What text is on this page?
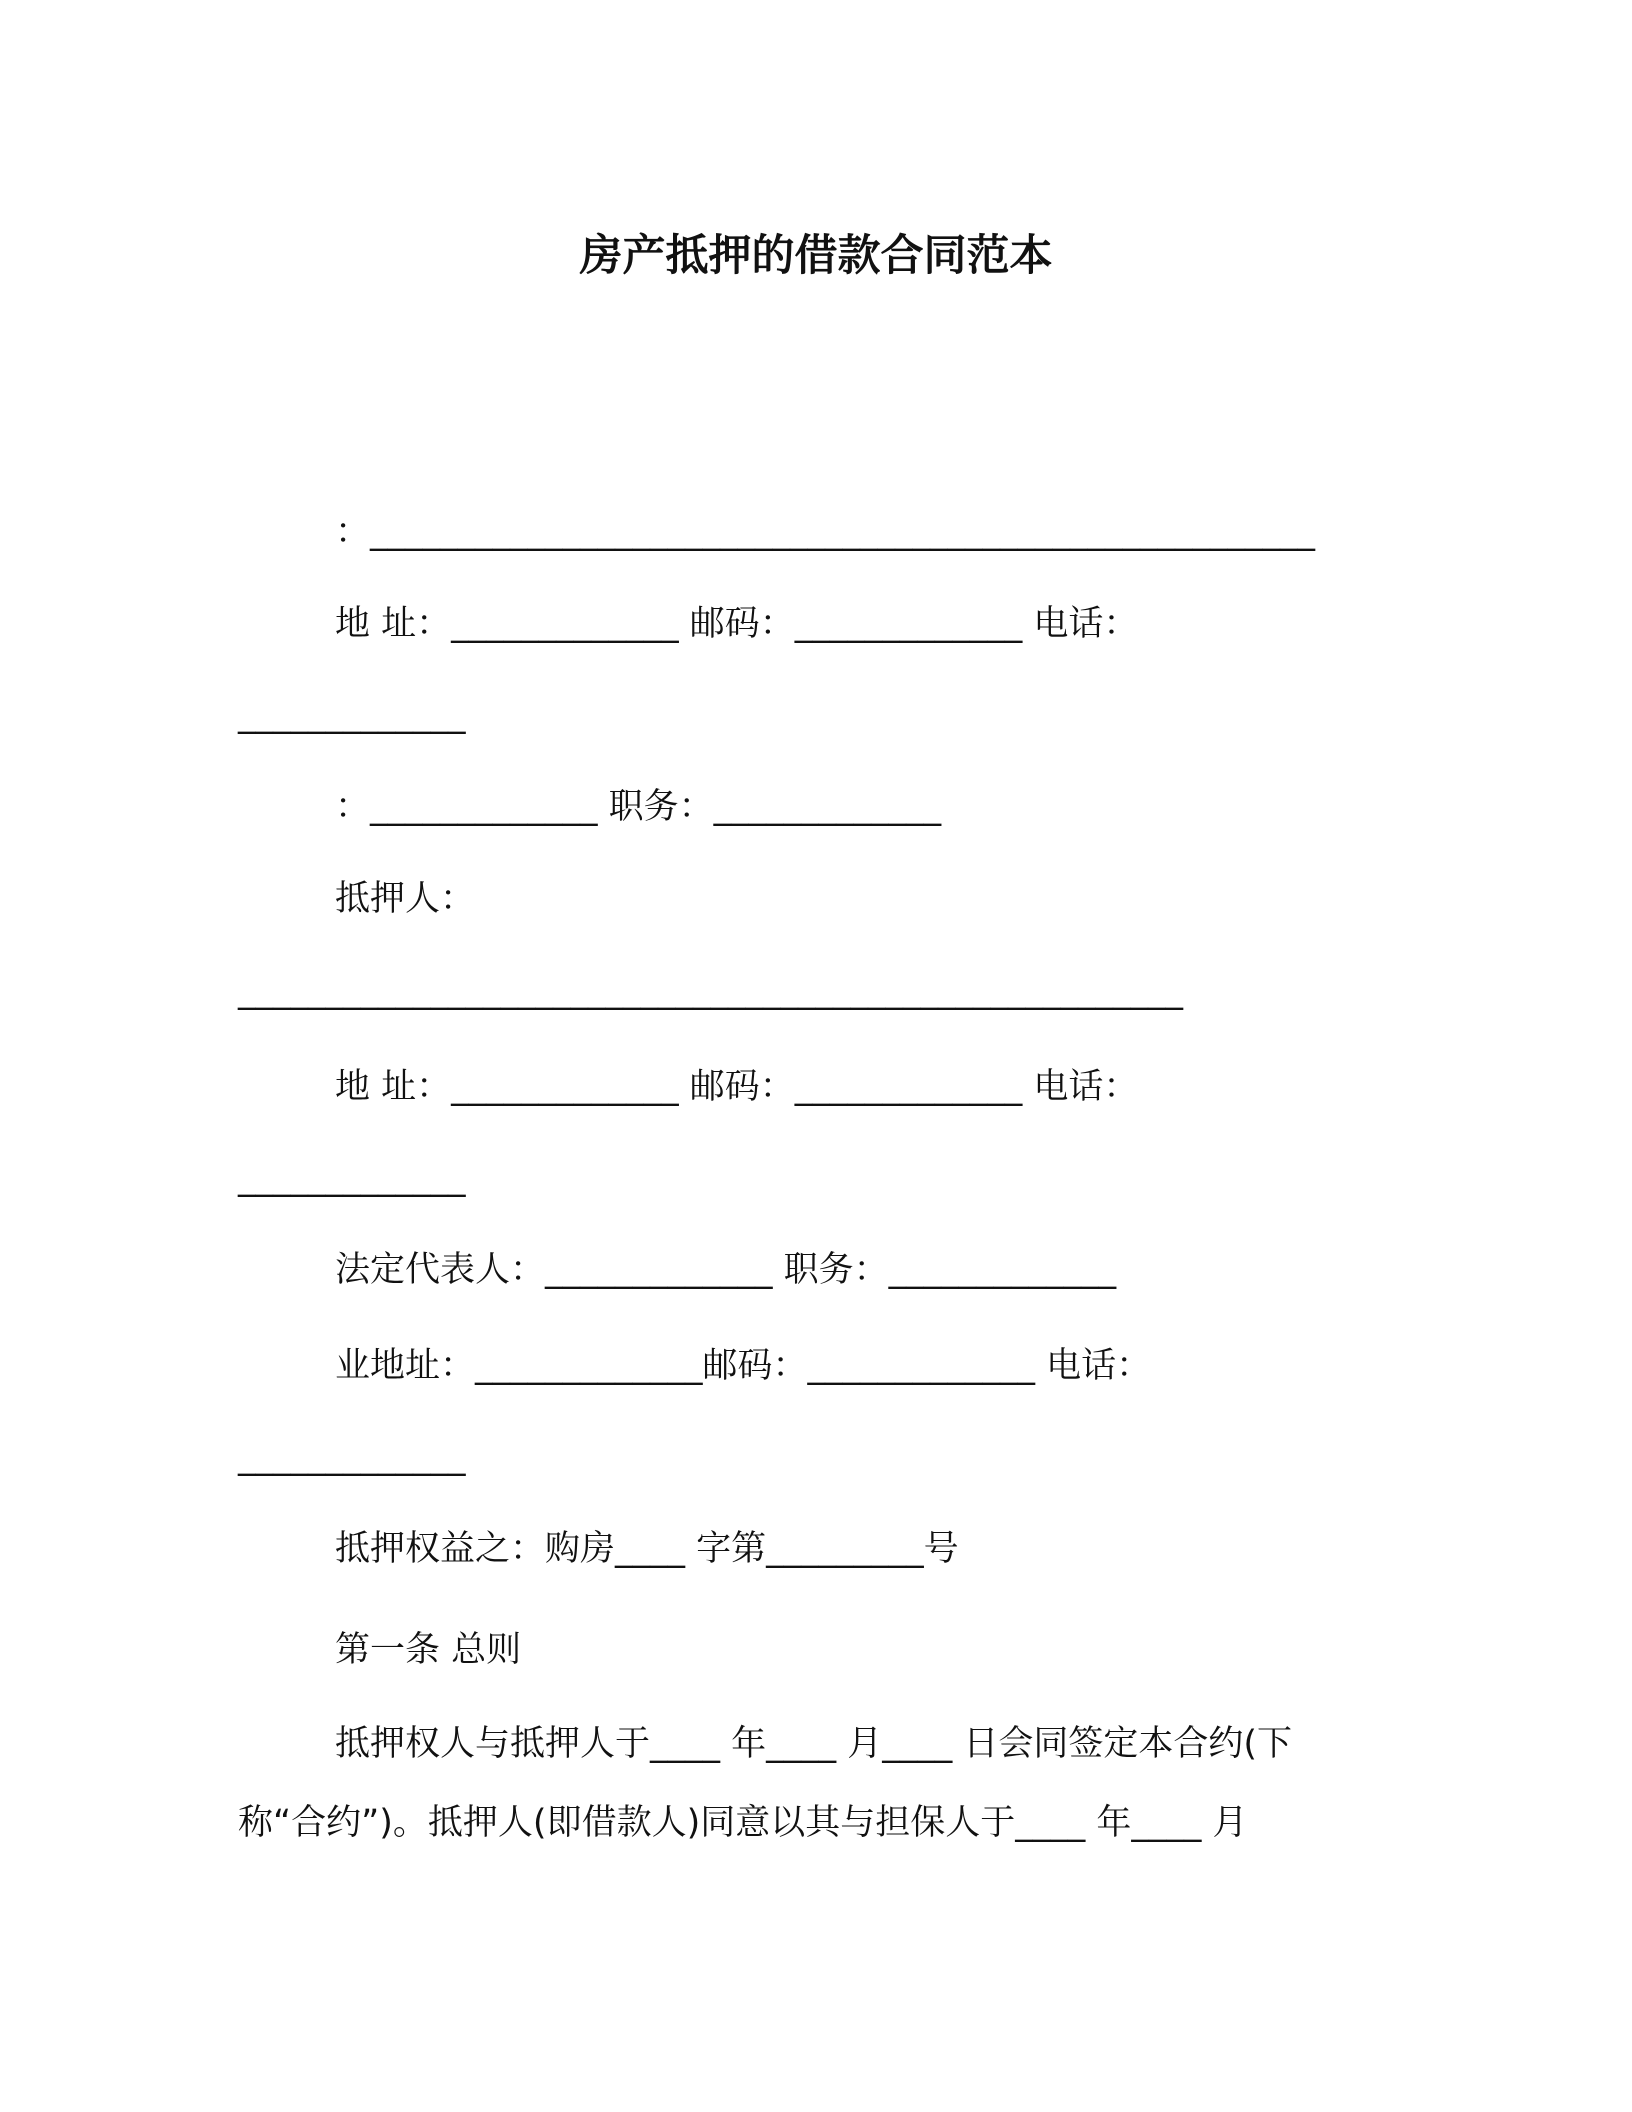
房产抵押的借款合同范本
：______________________________________________________
地 址：_____________ 邮码：_____________ 电话：
_____________
：_____________ 职务：_____________
抵押人：
______________________________________________________
地 址：_____________ 邮码：_____________ 电话：
_____________
法定代表人：_____________ 职务：_____________
业地址：_____________邮码：_____________ 电话：
_____________
抵押权益之：购房____ 字第_________号
第一条 总则
抵押权人与抵押人于____ 年____ 月____ 日会同签定本合约(下
称“合约”)。抵押人(即借款人)同意以其与担保人于____ 年____ 月
